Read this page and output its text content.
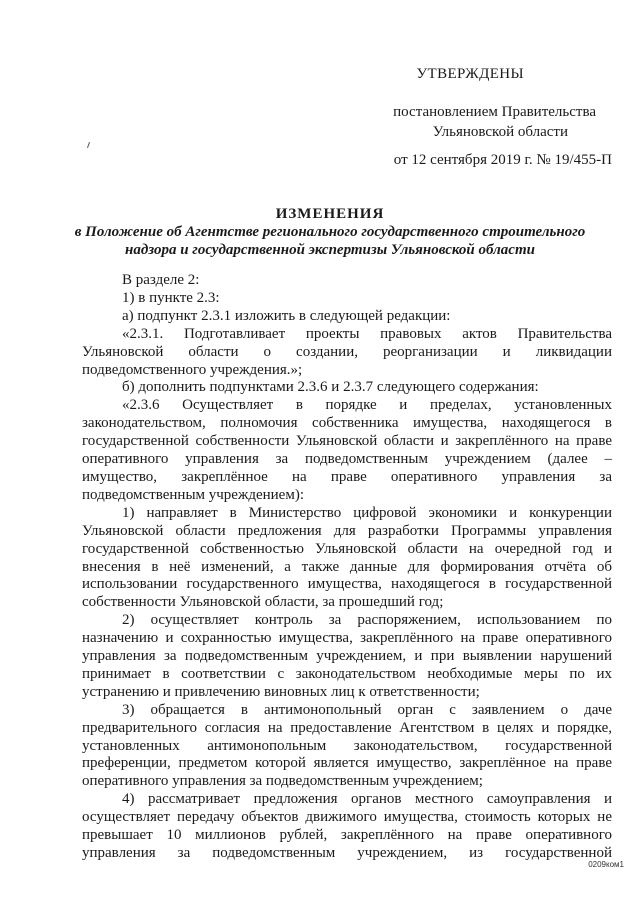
УТВЕРЖДЕНЫ
постановлением Правительства
Ульяновской области
от 12 сентября 2019 г. № 19/455-П
ИЗМЕНЕНИЯ
в Положение об Агентстве регионального государственного строительного
надзора и государственной экспертизы Ульяновской области

В разделе 2:

1) в пункте 2.3:

а) подпункт 2.3.1 изложить в следующей редакции:

«2.3.1. Подготавливает проекты правовых актов Правительства Ульяновской области о создании, реорганизации и ликвидации подведомственного учреждения.»;

б) дополнить подпунктами 2.3.6 и 2.3.7 следующего содержания:

«2.3.6 Осуществляет в порядке и пределах, установленных законодательством, полномочия собственника имущества, находящегося в государственной собственности Ульяновской области и закреплённого на праве оперативного управления за подведомственным учреждением (далее – имущество, закреплённое на праве оперативного управления за подведомственным учреждением):

1) направляет в Министерство цифровой экономики и конкуренции Ульяновской области предложения для разработки Программы управления государственной собственностью Ульяновской области на очередной год и внесения в неё изменений, а также данные для формирования отчёта об использовании государственного имущества, находящегося в государственной собственности Ульяновской области, за прошедший год;

2) осуществляет контроль за распоряжением, использованием по назначению и сохранностью имущества, закреплённого на праве оперативного управления за подведомственным учреждением, и при выявлении нарушений принимает в соответствии с законодательством необходимые меры по их устранению и привлечению виновных лиц к ответственности;

3) обращается в антимонопольный орган с заявлением о даче предварительного согласия на предоставление Агентством в целях и порядке, установленных антимонопольным законодательством, государственной преференции, предметом которой является имущество, закреплённое на праве оперативного управления за подведомственным учреждением;

4) рассматривает предложения органов местного самоуправления и осуществляет передачу объектов движимого имущества, стоимость которых не превышает 10 миллионов рублей, закреплённого на праве оперативного управления за подведомственным учреждением, из государственной

0209ком1
